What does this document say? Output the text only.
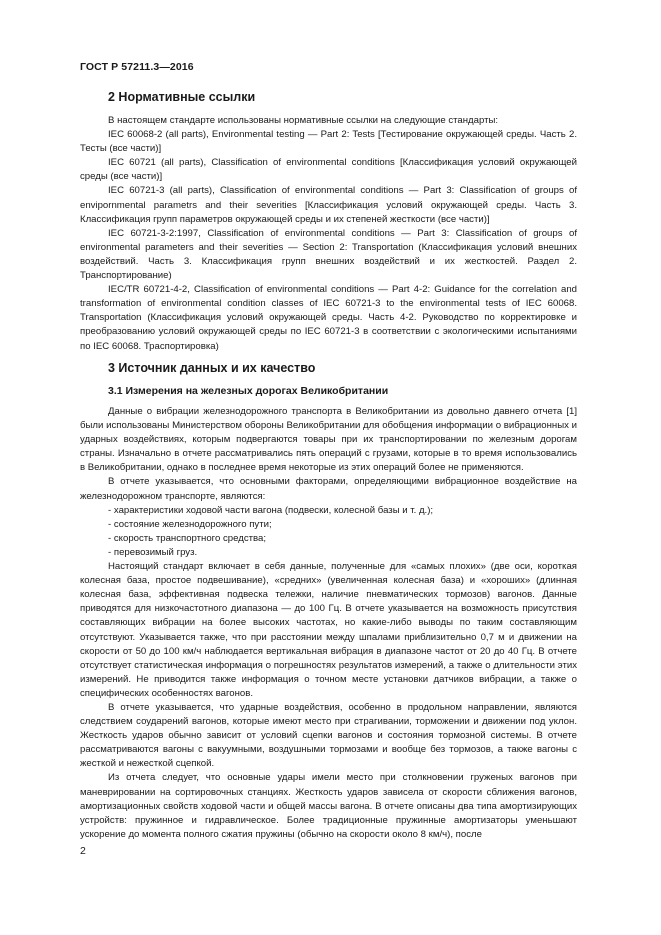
ГОСТ Р 57211.3—2016
2 Нормативные ссылки

В настоящем стандарте использованы нормативные ссылки на следующие стандарты:

IEC 60068-2 (all parts), Environmental testing — Part 2: Tests [Тестирование окружающей среды. Часть 2. Тесты (все части)]

IEC 60721 (all parts), Classification of environmental conditions [Классификация условий окружающей среды (все части)]

IEC 60721-3 (all parts), Classification of environmental conditions — Part 3: Classification of groups of envipornmental parametrs and their severities [Классификация условий окружающей среды. Часть 3. Классификация групп параметров окружающей среды и их степеней жесткости (все части)]

IEC 60721-3-2:1997, Classification of environmental conditions — Part 3: Classification of groups of environmental parameters and their severities — Section 2: Transportation (Классификация условий внешних воздействий. Часть 3. Классификация групп внешних воздействий и их жесткостей. Раздел 2. Транспортирование)

IEC/TR 60721-4-2, Classification of environmental conditions — Part 4-2: Guidance for the correlation and transformation of environmental condition classes of IEC 60721-3 to the environmental tests of IEC 60068. Transportation (Классификация условий окружающей среды. Часть 4-2. Руководство по корректировке и преобразованию условий окружающей среды по IEC 60721-3 в соответствии с экологическими испытаниями по IEC 60068. Траспортировка)

3 Источник данных и их качество
3.1 Измерения на железных дорогах Великобритании

Данные о вибрации железнодорожного транспорта в Великобритании из довольно давнего отчета [1] были использованы Министерством обороны Великобритании для обобщения информации о вибрационных и ударных воздействиях, которым подвергаются товары при их транспортировании по железным дорогам страны. Изначально в отчете рассматривались пять операций с грузами, которые в то время использовались в Великобритании, однако в последнее время некоторые из этих операций более не применяются.

В отчете указывается, что основными факторами, определяющими вибрационное воздействие на железнодорожном транспорте, являются:

- характеристики ходовой части вагона (подвески, колесной базы и т. д.);
- состояние железнодорожного пути;
- скорость транспортного средства;
- перевозимый груз.

Настоящий стандарт включает в себя данные, полученные для «самых плохих» (две оси, короткая колесная база, простое подвешивание), «средних» (увеличенная колесная база) и «хороших» (длинная колесная база, эффективная подвеска тележки, наличие пневматических тормозов) вагонов. Данные приводятся для низкочастотного диапазона — до 100 Гц. В отчете указывается на возможность присутствия составляющих вибрации на более высоких частотах, но какие-либо выводы по таким составляющим отсутствуют. Указывается также, что при расстоянии между шпалами приблизительно 0,7 м и движении на скорости от 50 до 100 км/ч наблюдается вертикальная вибрация в диапазоне частот от 20 до 40 Гц. В отчете отсутствует статистическая информация о погрешностях результатов измерений, а также о длительности этих измерений. Не приводится также информация о точном месте установки датчиков вибрации, а также о специфических особенностях вагонов.

В отчете указывается, что ударные воздействия, особенно в продольном направлении, являются следствием соударений вагонов, которые имеют место при страгивании, торможении и движении под уклон. Жесткость ударов обычно зависит от условий сцепки вагонов и состояния тормозной системы. В отчете рассматриваются вагоны с вакуумными, воздушными тормозами и вообще без тормозов, а также вагоны с жесткой и нежесткой сцепкой.

Из отчета следует, что основные удары имели место при столкновении груженых вагонов при маневрировании на сортировочных станциях. Жесткость ударов зависела от скорости сближения вагонов, амортизационных свойств ходовой части и общей массы вагона. В отчете описаны два типа амортизирующих устройств: пружинное и гидравлическое. Более традиционные пружинные амортизаторы уменьшают ускорение до момента полного сжатия пружины (обычно на скорости около 8 км/ч), после

2
